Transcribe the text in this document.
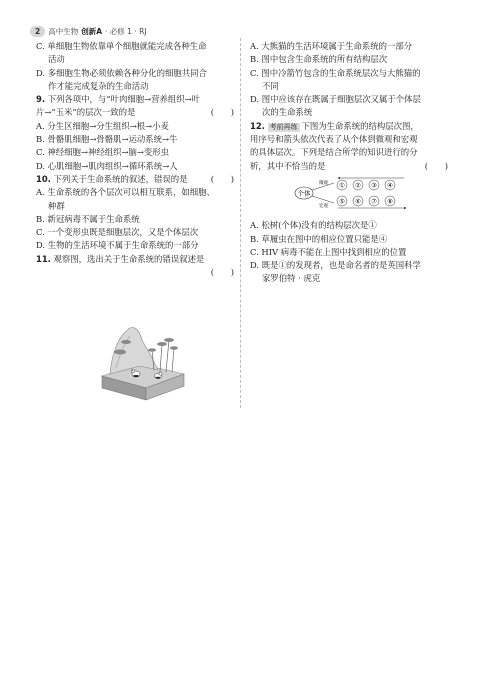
2	高中生物 创新A · 必修 1 · RJ
C. 单细胞生物依靠单个细胞就能完成各种生命
活动
D. 多细胞生物必须依赖各种分化的细胞共同合
作才能完成复杂的生命活动
9. 下列各项中，与“叶肉细胞→营养组织→叶
片→“玉米”的层次一致的是	(　　)
A. 分生区细胞→分生组织→根→小麦
B. 骨骼肌细胞→骨骼肌→运动系统→牛
C. 神经细胞→神经组织→脑→变形虫
D. 心肌细胞→肌肉组织→循环系统→人
10. 下列关于生命系统的叙述，错误的是	(　　)
A. 生命系统的各个层次可以相互联系，如细胞、
种群
B. 新冠病毒不属于生命系统
C. 一个变形虫既是细胞层次，又是个体层次
D. 生物的生活环境不属于生命系统的一部分
11. 观察图，选出关于生命系统的错误叙述是
(　　)
A. 大熊猫的生活环境属于生命系统的一部分
B. 图中包含生命系统的所有结构层次
C. 图中冷箭竹包含的生命系统层次与大熊猫的
不同
D. 图中应该存在既属于细胞层次又属于个体层
次的生命系统
12. 考前再练 下图为生命系统的结构层次图，
用序号和箭头依次代表了从个体到微观和宏观
的具体层次。下列是结合所学的知识进行的分
析，其中不恰当的是	(　　)
个体
微观
宏观
① ② ③ ④
⑤ ⑥ ⑦ ⑧
A. 松树(个体)没有的结构层次是①
B. 草履虫在图中的相应位置只能是④
C. HIV 病毒不能在上图中找到相应的位置
D. 既是①的发现者，也是命名者的是英国科学
家罗伯特 · 虎克
